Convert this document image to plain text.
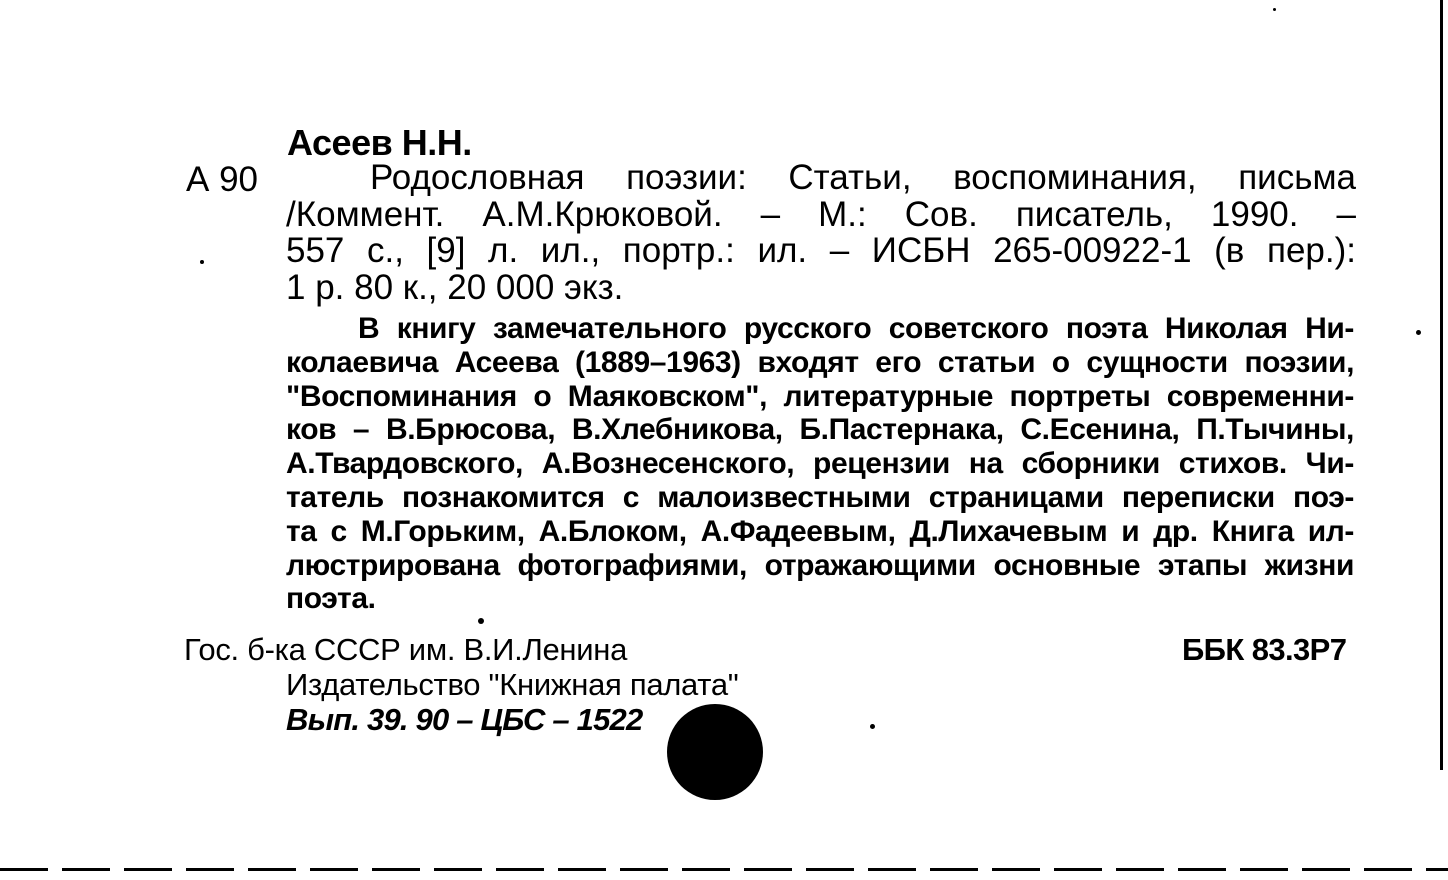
Асеев Н.Н.
А 90	Родословная поэзии: Статьи, воспоминания, письма
/Коммент. А.М.Крюковой. – М.: Сов. писатель, 1990. –
557 с., [9] л. ил., портр.: ил. – ИСБН 265-00922-1 (в пер.):
1 р. 80 к., 20 000 экз.
В книгу замечательного русского советского поэта Николая Ни-
колаевича Асеева (1889–1963) входят его статьи о сущности поэзии,
"Воспоминания о Маяковском", литературные портреты современни-
ков – В.Брюсова, В.Хлебникова, Б.Пастернака, С.Есенина, П.Тычины,
А.Твардовского, А.Вознесенского, рецензии на сборники стихов. Чи-
татель познакомится с малоизвестными страницами переписки поэ-
та с М.Горьким, А.Блоком, А.Фадеевым, Д.Лихачевым и др. Книга ил-
люстрирована фотографиями, отражающими основные этапы жизни
поэта.
Гос. б-ка СССР им. В.И.Ленина	ББК 83.3Р7
Издательство "Книжная палата"
Вып. 39. 90 – ЦБС – 1522
